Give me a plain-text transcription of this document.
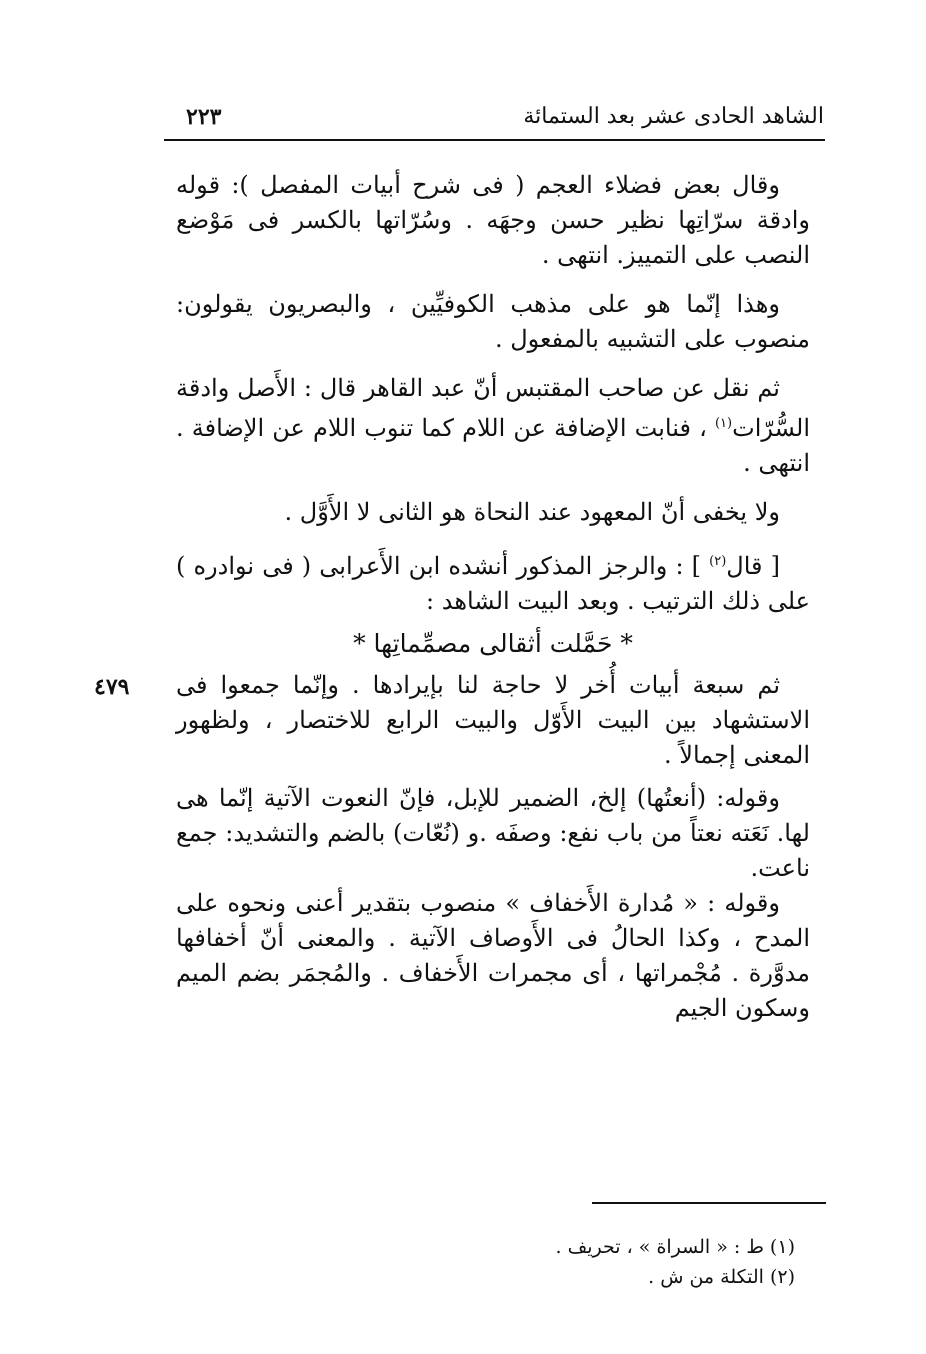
٢٢٣	الشاهد الحادى عشر بعد الستمائة
٤٧٩

وقال بعض فضلاء العجم ( فى شرح أبيات المفصل ): قوله وادقة سرّاتِها نظير حسن وجهَه . وسُرّاتها بالكسر فى مَوْضع النصب على التمييز. انتهى .

وهذا إنّما هو على مذهب الكوفيِّين ، والبصريون يقولون: منصوب على التشبيه بالمفعول .

ثم نقل عن صاحب المقتبس أنّ عبد القاهر قال : الأَصل وادقة السُّرّات$^{(١)}$ ، فنابت الإضافة عن اللام كما تنوب اللام عن الإضافة . انتهى .

ولا يخفى أنّ المعهود عند النحاة هو الثانى لا الأَوَّل .

[ قال$^{(٢)}$ ] : والرجز المذكور أنشده ابن الأَعرابى ( فى نوادره ) على ذلك الترتيب . وبعد البيت الشاهد :

* حَمَّلت أثقالى مصمِّماتِها *

ثم سبعة أبيات أُخر لا حاجة لنا بإيرادها . وإنّما جمعوا فى الاستشهاد بين البيت الأَوّل والبيت الرابع للاختصار ، ولظهور المعنى إجمالاً .

وقوله: (أنعتُها) إلخ، الضمير للإبل، فإنّ النعوت الآتية إنّما هى لها. نَعَته نعتاً من باب نفع: وصفَه .و (نُعّات) بالضم والتشديد: جمع ناعت.

وقوله : « مُدارة الأَخفاف » منصوب بتقدير أعنى ونحوه على المدح ، وكذا الحالُ فى الأَوصاف الآتية . والمعنى أنّ أخفافها مدوَّرة . مُجْمراتها ، أى مجمرات الأَخفاف . والمُجمَر بضم الميم وسكون الجيم

(١) ط : « السراة » ، تحريف .

(٢) التكلة من ش .
